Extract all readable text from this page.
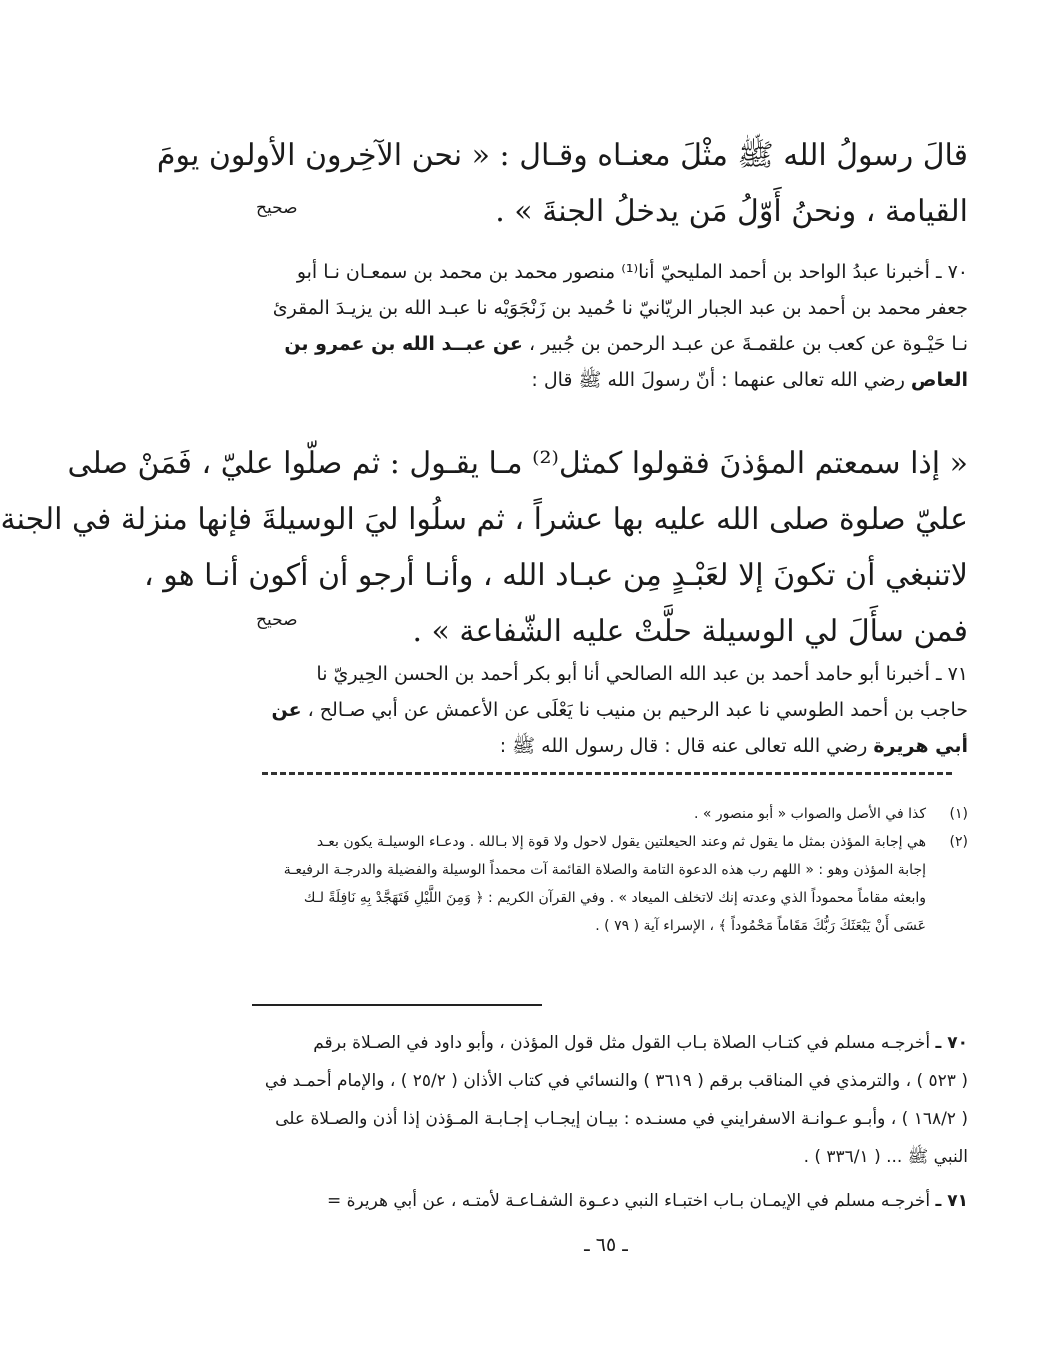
قالَ رسولُ الله ﷺ مثْلَ معنـاه وقـال : « نحن الآخِرون الأولون يومَ
القيامة ، ونحنُ أَوّلُ مَن يدخلُ الجنةَ » .
صحيح
٧٠ ـ أخبرنا عبدُ الواحد بن أحمد المليحيّ أنا⁽¹⁾ منصور محمد بن محمد بن سمعـان نـا أبو
جعفر محمد بن أحمد بن عبد الجبار الريّانيّ نا حُميد بن زَنْجَوَيْه نا عبـد الله بن يزيـدَ المقرئ
نـا حَيْـوة عن كعب بن علقمـةَ عن عبـد الرحمن بن جُبير ، عن عبــد الله بن عمرو بن
العاص رضي الله تعالى عنهما : أنّ رسولَ الله ﷺ قال :
« إذا سمعتم المؤذنَ فقولوا كمثل⁽²⁾ مـا يقـول : ثم صلّوا عليّ ، فَمَنْ صلى
عليّ صلوة صلى الله عليه بها عشراً ، ثم سلُوا ليَ الوسيلةَ فإنها منزلة في الجنة
لاتنبغي أن تكونَ إلا لعَبْـدٍ مِن عبـاد الله ، وأنـا أرجو أن أكون أنـا هو ،
فمن سأَلَ لي الوسيلة حلَّتْ عليه الشّفاعة » .
صحيح
٧١ ـ أخبرنا أبو حامد أحمد بن عبد الله الصالحي أنا أبو بكر أحمد بن الحسن الحِيريّ نا
حاجب بن أحمد الطوسي نا عبد الرحيم بن منيب نا يَعْلَى عن الأعمش عن أبي صـالح ، عن
أبي هريرة رضي الله تعالى عنه قال : قال رسول الله ﷺ :
(١)
كذا في الأصل والصواب « أبو منصور » .
(٢)
هي إجابة المؤذن بمثل ما يقول ثم وعند الحيعلتين يقول لاحول ولا قوة إلا بـالله . ودعـاء الوسيلـة يكون بعـد
إجابة المؤذن وهو : « اللهم رب هذه الدعوة التامة والصلاة القائمة آت محمداً الوسيلة والفضيلة والدرجـة الرفيعـة
وابعثه مقاماً محموداً الذي وعدته إنك لاتخلف الميعاد » . وفي القرآن الكريم : ﴿ وَمِنَ اللَّيْلِ فَتَهَجَّدْ بِهِ نَافِلَةً لـك
عَسَى أَنْ يَبْعَثَكَ رَبُّكَ مَقَاماً مَحْمُوداً ﴾ ، الإسراء آية ( ٧٩ ) .
٧٠ ـ أخرجـه مسلم في كتـاب الصلاة بـاب القول مثل قول المؤذن ، وأبو داود في الصـلاة برقم
( ٥٢٣ ) ، والترمذي في المناقب برقم ( ٣٦١٩ ) والنسائي في كتاب الأذان ( ٢٥/٢ ) ، والإمام أحمـد في
( ١٦٨/٢ ) ، وأبـو عـوانـة الاسفرايني في مسنـده : بيـان إيجـاب إجـابـة المـؤذن إذا أذن والصـلاة على
النبي ﷺ ... ( ٣٣٦/١ ) .
٧١ ـ أخرجـه مسلم في الإيمـان بـاب اختبـاء النبي دعـوة الشفـاعـة لأمتـه ، عن أبي هريرة =
ـ ٦٥ ـ
